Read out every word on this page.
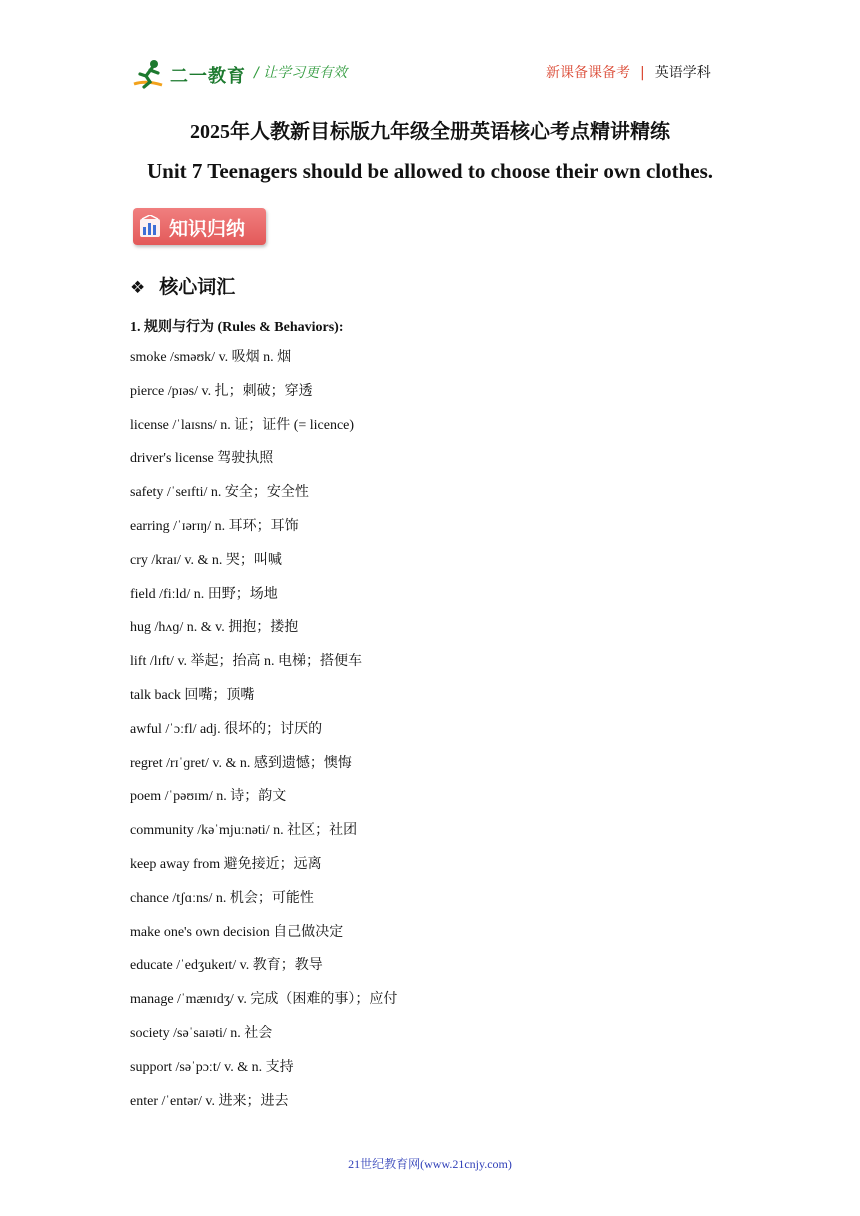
二一教育 / 让学习更有效	新课备课备考 | 英语学科
2025年人教新目标版九年级全册英语核心考点精讲精练
Unit 7 Teenagers should be allowed to choose their own clothes.
知识归纳
❖ 核心词汇
1. 规则与行为 (Rules & Behaviors):
smoke /sməʊk/ v. 吸烟 n. 烟
pierce /pɪəs/ v. 扎；刺破；穿透
license /ˈlaɪsns/ n. 证；证件 (= licence)
driver's license 驾驶执照
safety /ˈseɪfti/ n. 安全；安全性
earring /ˈɪərɪŋ/ n. 耳环；耳饰
cry /kraɪ/ v. & n. 哭；叫喊
field /fiːld/ n. 田野；场地
hug /hʌɡ/ n. & v. 拥抱；搂抱
lift /lɪft/ v. 举起；抬高 n. 电梯；搭便车
talk back 回嘴；顶嘴
awful /ˈɔːfl/ adj. 很坏的；讨厌的
regret /rɪˈɡret/ v. & n. 感到遗憾；懊悔
poem /ˈpəʊɪm/ n. 诗；韵文
community /kəˈmjuːnəti/ n. 社区；社团
keep away from 避免接近；远离
chance /tʃɑːns/ n. 机会；可能性
make one's own decision 自己做决定
educate /ˈedʒukeɪt/ v. 教育；教导
manage /ˈmænɪdʒ/ v. 完成（困难的事）；应付
society /səˈsaɪəti/ n. 社会
support /səˈpɔːt/ v. & n. 支持
enter /ˈentər/ v. 进来；进去
21世纪教育网(www.21cnjy.com)
